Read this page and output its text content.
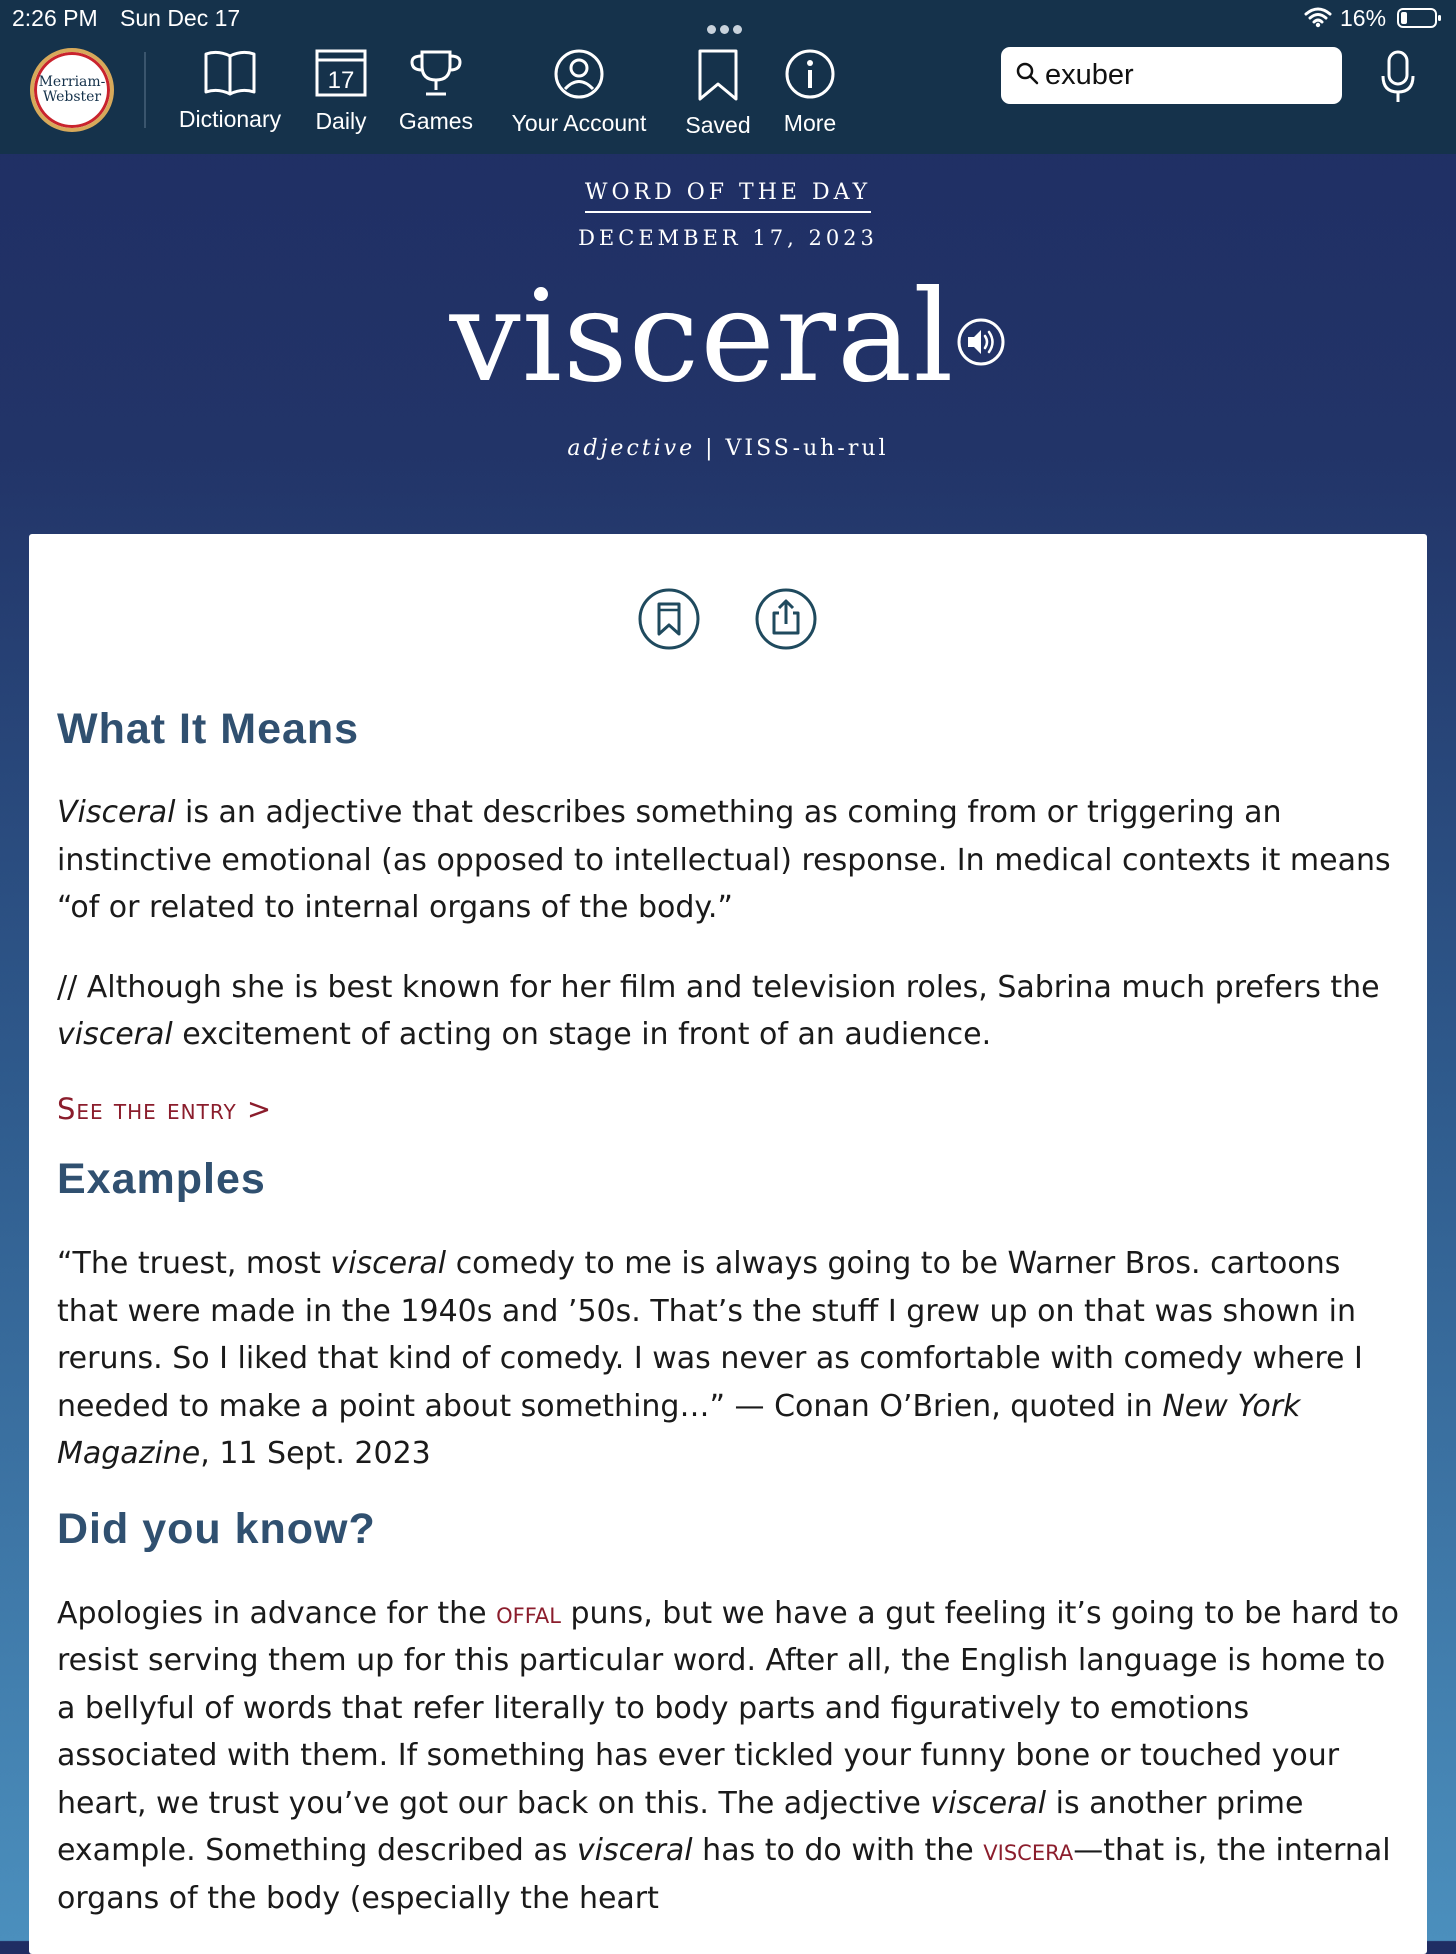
2:26 PM Sun Dec 17	16%
Merriam-
Webster
Dictionary
17
Daily	Games Your Account Saved More
exuber
WORD OF THE DAY
DECEMBER 17, 2023
visceral
adjective | VISS-uh-rul
What It Means

Visceral is an adjective that describes something as coming from or triggering an instinctive emotional (as opposed to intellectual) response. In medical contexts it means “of or related to internal organs of the body.”

// Although she is best known for her film and television roles, Sabrina much prefers the visceral excitement of acting on stage in front of an audience.

See the entry >

Examples

“The truest, most visceral comedy to me is always going to be Warner Bros. cartoons that were made in the 1940s and ’50s. That’s the stuff I grew up on that was shown in reruns. So I liked that kind of comedy. I was never as comfortable with comedy where I needed to make a point about something…” — Conan O’Brien, quoted in New York Magazine, 11 Sept. 2023

Did you know?

Apologies in advance for the offal puns, but we have a gut feeling it’s going to be hard to resist serving them up for this particular word. After all, the English language is home to a bellyful of words that refer literally to body parts and figuratively to emotions associated with them. If something has ever tickled your funny bone or touched your heart, we trust you’ve got our back on this. The adjective visceral is another prime example. Something described as visceral has to do with the viscera—that is, the internal organs of the body (especially the heart
